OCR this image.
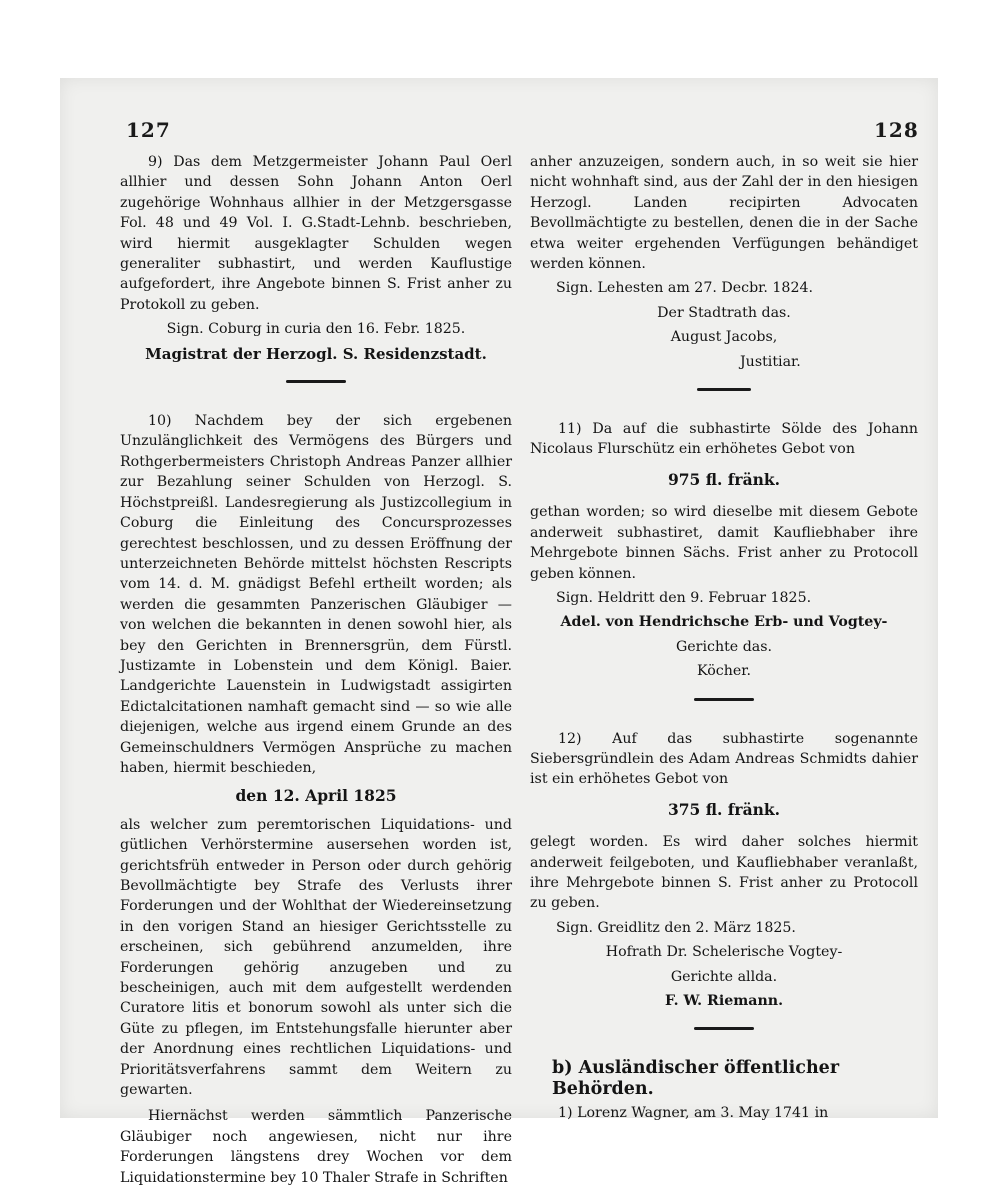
127	128

9) Das dem Metzgermeister Johann Paul Oerl allhier und dessen Sohn Johann Anton Oerl zugehörige Wohnhaus allhier in der Metzgersgasse Fol. 48 und 49 Vol. I. G.Stadt-Lehnb. beschrieben, wird hiermit ausgeklagter Schulden wegen generaliter subhastirt, und werden Kauflustige aufgefordert, ihre Angebote binnen S. Frist anher zu Protokoll zu geben.

Sign. Coburg in curia den 16. Febr. 1825.

Magistrat der Herzogl. S. Residenzstadt.

10) Nachdem bey der sich ergebenen Unzulänglichkeit des Vermögens des Bürgers und Rothgerbermeisters Christoph Andreas Panzer allhier zur Bezahlung seiner Schulden von Herzogl. S. Höchstpreißl. Landesregierung als Justizcollegium in Coburg die Einleitung des Concursprozesses gerechtest beschlossen, und zu dessen Eröffnung der unterzeichneten Behörde mittelst höchsten Rescripts vom 14. d. M. gnädigst Befehl ertheilt worden; als werden die gesammten Panzerischen Gläubiger — von welchen die bekannten in denen sowohl hier, als bey den Gerichten in Brennersgrün, dem Fürstl. Justizamte in Lobenstein und dem Königl. Baier. Landgerichte Lauenstein in Ludwigstadt assigirten Edictalcitationen namhaft gemacht sind — so wie alle diejenigen, welche aus irgend einem Grunde an des Gemeinschuldners Vermögen Ansprüche zu machen haben, hiermit beschieden,

den 12. April 1825

als welcher zum peremtorischen Liquidations- und gütlichen Verhörstermine ausersehen worden ist, gerichtsfrüh entweder in Person oder durch gehörig Bevollmächtigte bey Strafe des Verlusts ihrer Forderungen und der Wohlthat der Wiedereinsetzung in den vorigen Stand an hiesiger Gerichtsstelle zu erscheinen, sich gebührend anzumelden, ihre Forderungen gehörig anzugeben und zu bescheinigen, auch mit dem aufgestellt werdenden Curatore litis et bonorum sowohl als unter sich die Güte zu pflegen, im Entstehungsfalle hierunter aber der Anordnung eines rechtlichen Liquidations- und Prioritätsverfahrens sammt dem Weitern zu gewarten.

Hiernächst werden sämmtlich Panzerische Gläubiger noch angewiesen, nicht nur ihre Forderungen längstens drey Wochen vor dem Liquidationstermine bey 10 Thaler Strafe in Schriften

anher anzuzeigen, sondern auch, in so weit sie hier nicht wohnhaft sind, aus der Zahl der in den hiesigen Herzogl. Landen recipirten Advocaten Bevollmächtigte zu bestellen, denen die in der Sache etwa weiter ergehenden Verfügungen behändiget werden können.

Sign. Lehesten am 27. Decbr. 1824.

Der Stadtrath das.

August Jacobs,

Justitiar.

11) Da auf die subhastirte Sölde des Johann Nicolaus Flurschütz ein erhöhetes Gebot von

975 fl. fränk.

gethan worden; so wird dieselbe mit diesem Gebote anderweit subhastiret, damit Kaufliebhaber ihre Mehrgebote binnen Sächs. Frist anher zu Protocoll geben können.

Sign. Heldritt den 9. Februar 1825.

Adel. von Hendrichsche Erb- und Vogtey-

Gerichte das.

Köcher.

12) Auf das subhastirte sogenannte Siebersgründlein des Adam Andreas Schmidts dahier ist ein erhöhetes Gebot von

375 fl. fränk.

gelegt worden. Es wird daher solches hiermit anderweit feilgeboten, und Kaufliebhaber veranlaßt, ihre Mehrgebote binnen S. Frist anher zu Protocoll zu geben.

Sign. Greidlitz den 2. März 1825.

Hofrath Dr. Schelerische Vogtey-

Gerichte allda.

F. W. Riemann.

b) Ausländischer öffentlicher Behörden.

1) Lorenz Wagner, am 3. May 1741 in
